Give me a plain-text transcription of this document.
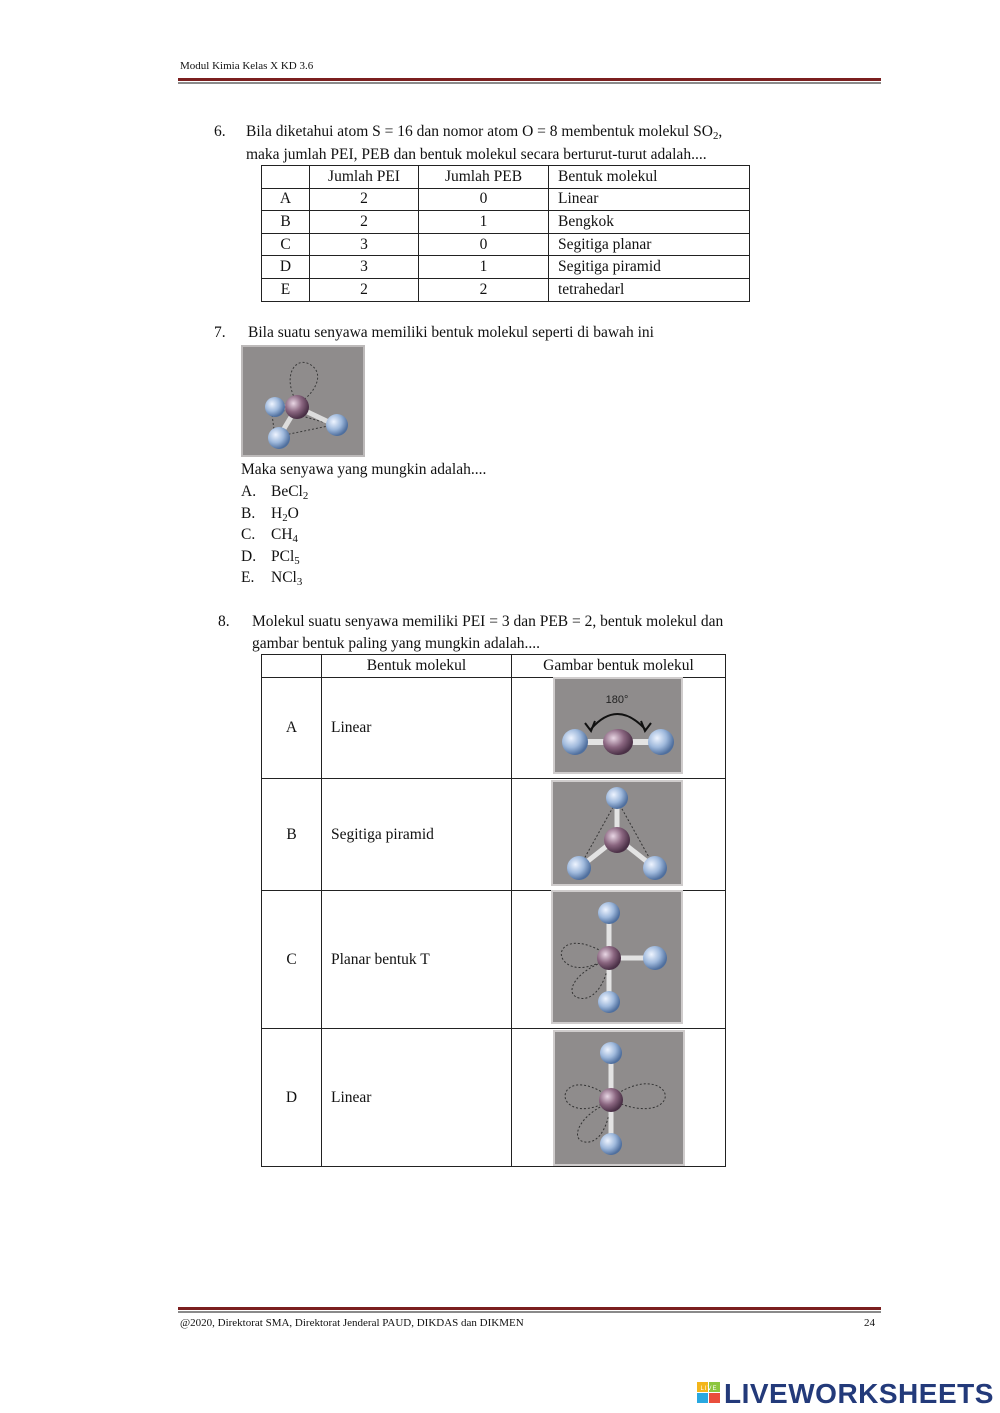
Modul Kimia Kelas X KD 3.6
6. Bila diketahui atom S = 16 dan nomor atom O = 8 membentuk molekul $SO_2$,
maka jumlah PEI, PEB dan bentuk molekul secara berturut-turut adalah....
	Jumlah PEI	Jumlah PEB	Bentuk molekul
A	2	0	Linear
B	2	1	Bengkok
C	3	0	Segitiga planar
D	3	1	Segitiga piramid
E	2	2	tetrahedarl
7. Bila suatu senyawa memiliki bentuk molekul seperti di bawah ini
Maka senyawa yang mungkin adalah....
A. BeCl$_2$
B. $H_2O$
C. $CH_4$
D. PCl$_5$
E. NCl$_3$
8. Molekul suatu senyawa memiliki PEI = 3 dan PEB = 2, bentuk molekul dan
gambar bentuk paling yang mungkin adalah....
	Bentuk molekul	Gambar bentuk molekul
A	Linear	
B	Segitiga piramid	
C	Planar bentuk T	
D	Linear	
180°
@2020, Direktorat SMA, Direktorat Jenderal PAUD, DIKDAS dan DIKMEN	24
LIVE LIVEWORKSHEETS
